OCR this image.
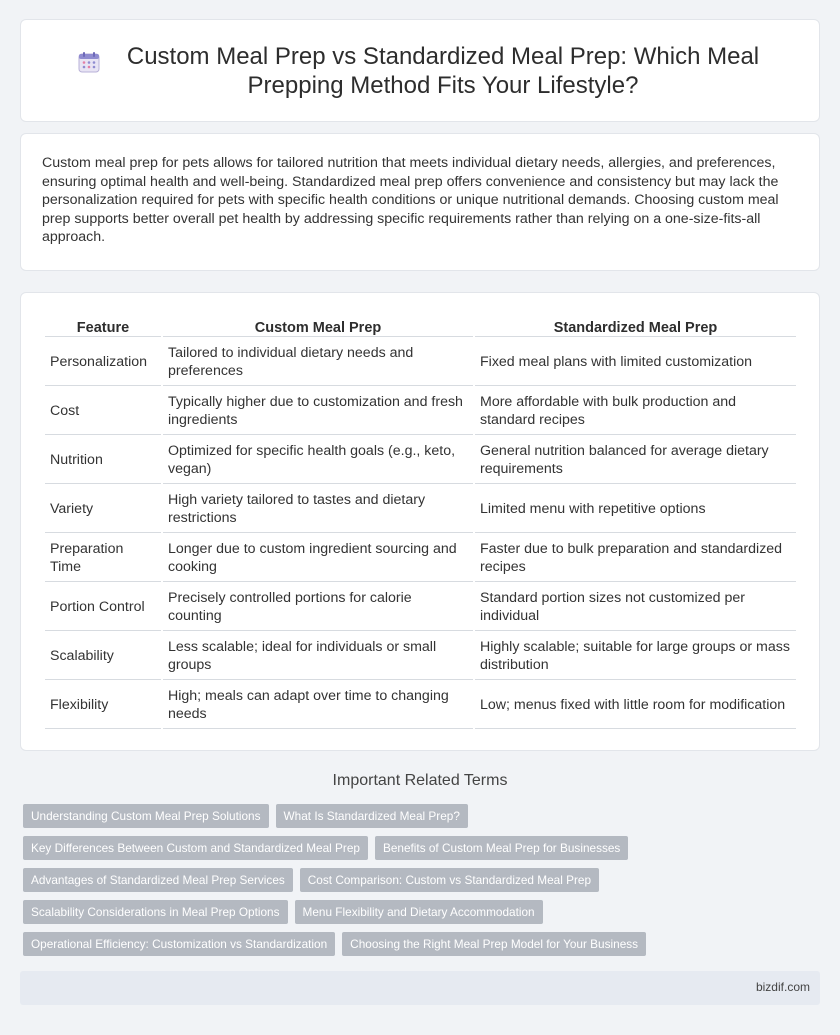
Custom Meal Prep vs Standardized Meal Prep: Which Meal Prepping Method Fits Your Lifestyle?

Custom meal prep for pets allows for tailored nutrition that meets individual dietary needs, allergies, and preferences, ensuring optimal health and well-being. Standardized meal prep offers convenience and consistency but may lack the personalization required for pets with specific health conditions or unique nutritional demands. Choosing custom meal prep supports better overall pet health by addressing specific requirements rather than relying on a one-size-fits-all approach.

Feature	Custom Meal Prep	Standardized Meal Prep
Personalization	Tailored to individual dietary needs and preferences	Fixed meal plans with limited customization
Cost	Typically higher due to customization and fresh ingredients	More affordable with bulk production and standard recipes
Nutrition	Optimized for specific health goals (e.g., keto, vegan)	General nutrition balanced for average dietary requirements
Variety	High variety tailored to tastes and dietary restrictions	Limited menu with repetitive options
Preparation Time	Longer due to custom ingredient sourcing and cooking	Faster due to bulk preparation and standardized recipes
Portion Control	Precisely controlled portions for calorie counting	Standard portion sizes not customized per individual
Scalability	Less scalable; ideal for individuals or small groups	Highly scalable; suitable for large groups or mass distribution
Flexibility	High; meals can adapt over time to changing needs	Low; menus fixed with little room for modification
Important Related Terms
Understanding Custom Meal Prep Solutions	What Is Standardized Meal Prep?
Key Differences Between Custom and Standardized Meal Prep	Benefits of Custom Meal Prep for Businesses
Advantages of Standardized Meal Prep Services	Cost Comparison: Custom vs Standardized Meal Prep
Scalability Considerations in Meal Prep Options	Menu Flexibility and Dietary Accommodation
Operational Efficiency: Customization vs Standardization	Choosing the Right Meal Prep Model for Your Business
bizdif.com
